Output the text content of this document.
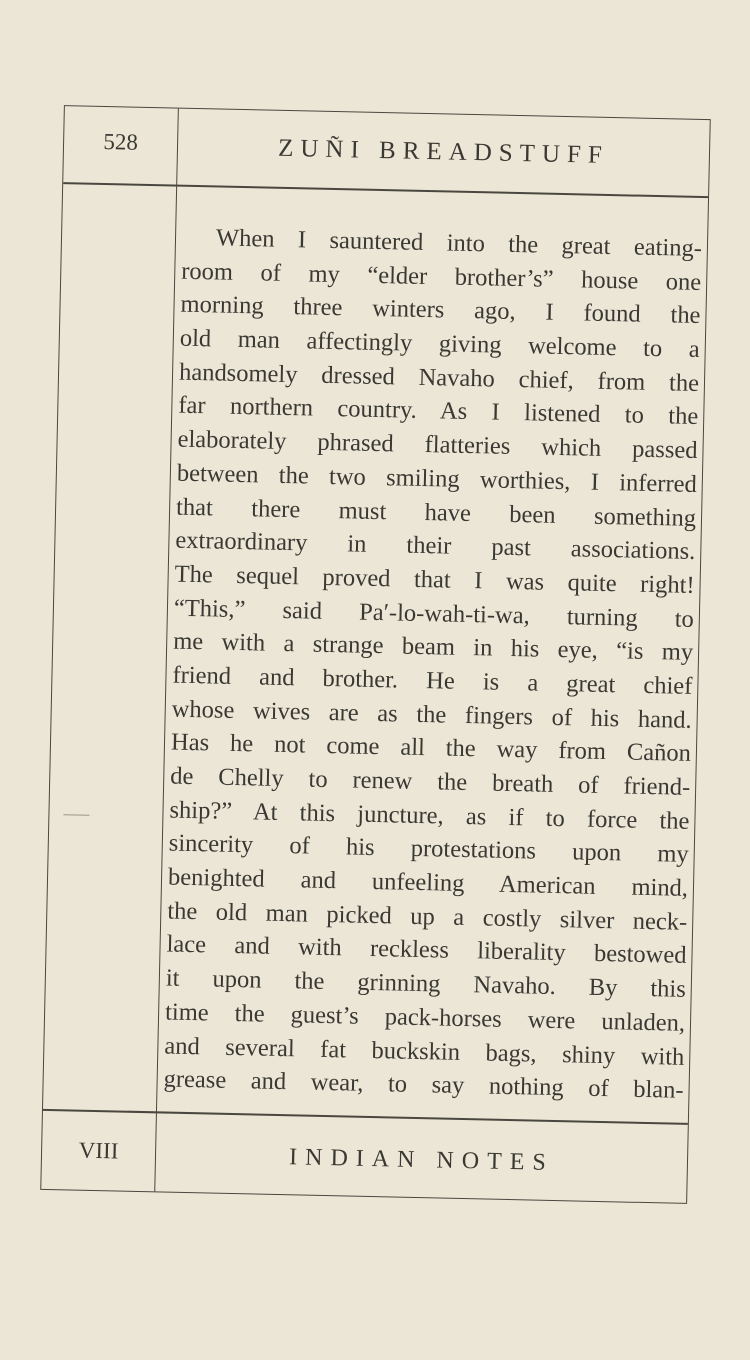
528	ZUÑI BREADSTUFF
When I sauntered into the great eating-
room of my “elder brother’s” house one
morning three winters ago, I found the
old man affectingly giving welcome to a
handsomely dressed Navaho chief, from the
far northern country. As I listened to the
elaborately phrased flatteries which passed
between the two smiling worthies, I inferred
that there must have been something
extraordinary in their past associations.
The sequel proved that I was quite right!
“This,” said Pa′-lo-wah-ti-wa, turning to
me with a strange beam in his eye, “is my
friend and brother. He is a great chief
whose wives are as the fingers of his hand.
Has he not come all the way from Cañon
de Chelly to renew the breath of friend-
ship?” At this juncture, as if to force the
sincerity of his protestations upon my
benighted and unfeeling American mind,
the old man picked up a costly silver neck-
lace and with reckless liberality bestowed
it upon the grinning Navaho. By this
time the guest’s pack-horses were unladen,
and several fat buckskin bags, shiny with
grease and wear, to say nothing of blan-
VIII	INDIAN NOTES
